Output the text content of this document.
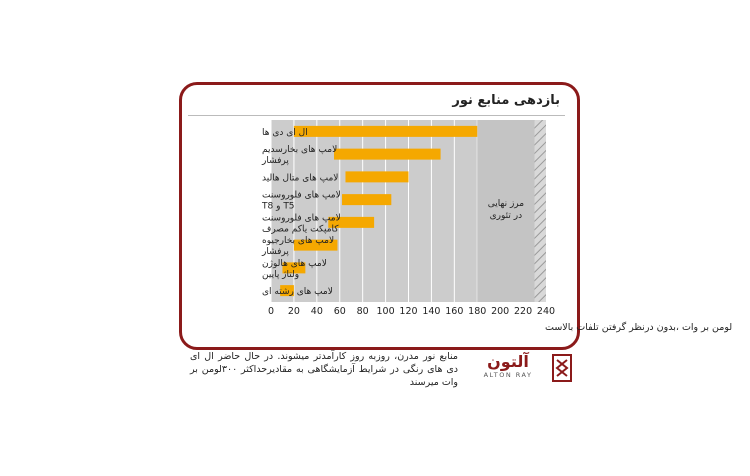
بازدهی منابع نور
ال ای دی ها
لامپ های بخارسدیم
پرفشار
لامپ های متال هالید
لامپ های فلوروسنت
T5 و T8
لامپ های فلوروسنت
کامپکت یاکم مصرف
لامپ های بخارجیوه
پرفشار
لامپ های هالوژن
ولتاژ پایین
لامپ های رشته ای
0 20 40 60 80 100 120 140 160 180 200 220 240
مرز نهایی
در تئوری
لومن بر وات ،بدون درنظر گرفتن تلفات بالاست
منابع نور مدرن، روزبه روز کارآمدتر میشوند. در حال حاضر ال ای دی های رنگی در شرایط آزمایشگاهی به مقادیرحداکثر ۳۰۰لومن بر وات میرسند
آلتون
ALTON RAY
